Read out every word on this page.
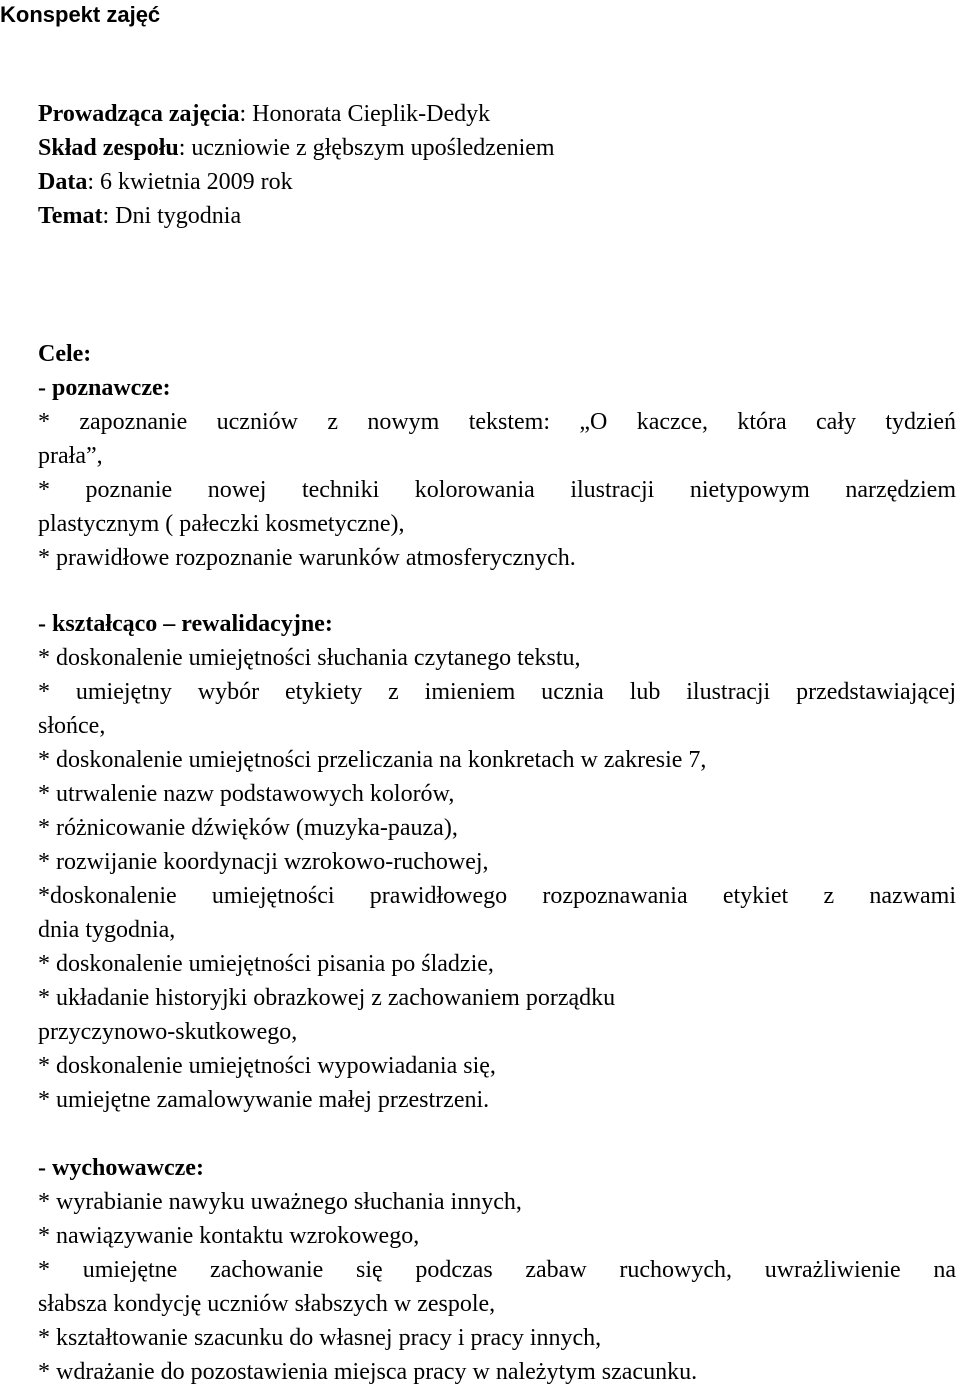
Konspekt zajęć
Prowadząca zajęcia: Honorata Cieplik-Dedyk
Skład zespołu: uczniowie z głębszym upośledzeniem
Data: 6 kwietnia 2009 rok
Temat: Dni tygodnia
Cele:
- poznawcze:
* zapoznanie uczniów z nowym tekstem: „O kaczce, która cały tydzień
prała”,
* poznanie nowej techniki kolorowania ilustracji nietypowym narzędziem
plastycznym ( pałeczki kosmetyczne),
* prawidłowe rozpoznanie warunków atmosferycznych.
- kształcąco – rewalidacyjne:
* doskonalenie umiejętności słuchania czytanego tekstu,
* umiejętny wybór etykiety z imieniem ucznia lub ilustracji przedstawiającej
słońce,
* doskonalenie umiejętności przeliczania na konkretach w zakresie 7,
* utrwalenie nazw podstawowych kolorów,
* różnicowanie dźwięków (muzyka-pauza),
* rozwijanie koordynacji wzrokowo-ruchowej,
*doskonalenie umiejętności prawidłowego rozpoznawania etykiet z nazwami
dnia tygodnia,
* doskonalenie umiejętności pisania po śladzie,
* układanie historyjki obrazkowej z zachowaniem porządku
przyczynowo-skutkowego,
* doskonalenie umiejętności wypowiadania się,
* umiejętne zamalowywanie małej przestrzeni.
- wychowawcze:
* wyrabianie nawyku uważnego słuchania innych,
* nawiązywanie kontaktu wzrokowego,
* umiejętne zachowanie się podczas zabaw ruchowych, uwrażliwienie na
słabsza kondycję uczniów słabszych w zespole,
* kształtowanie szacunku do własnej pracy i pracy innych,
* wdrażanie do pozostawienia miejsca pracy w należytym szacunku.
